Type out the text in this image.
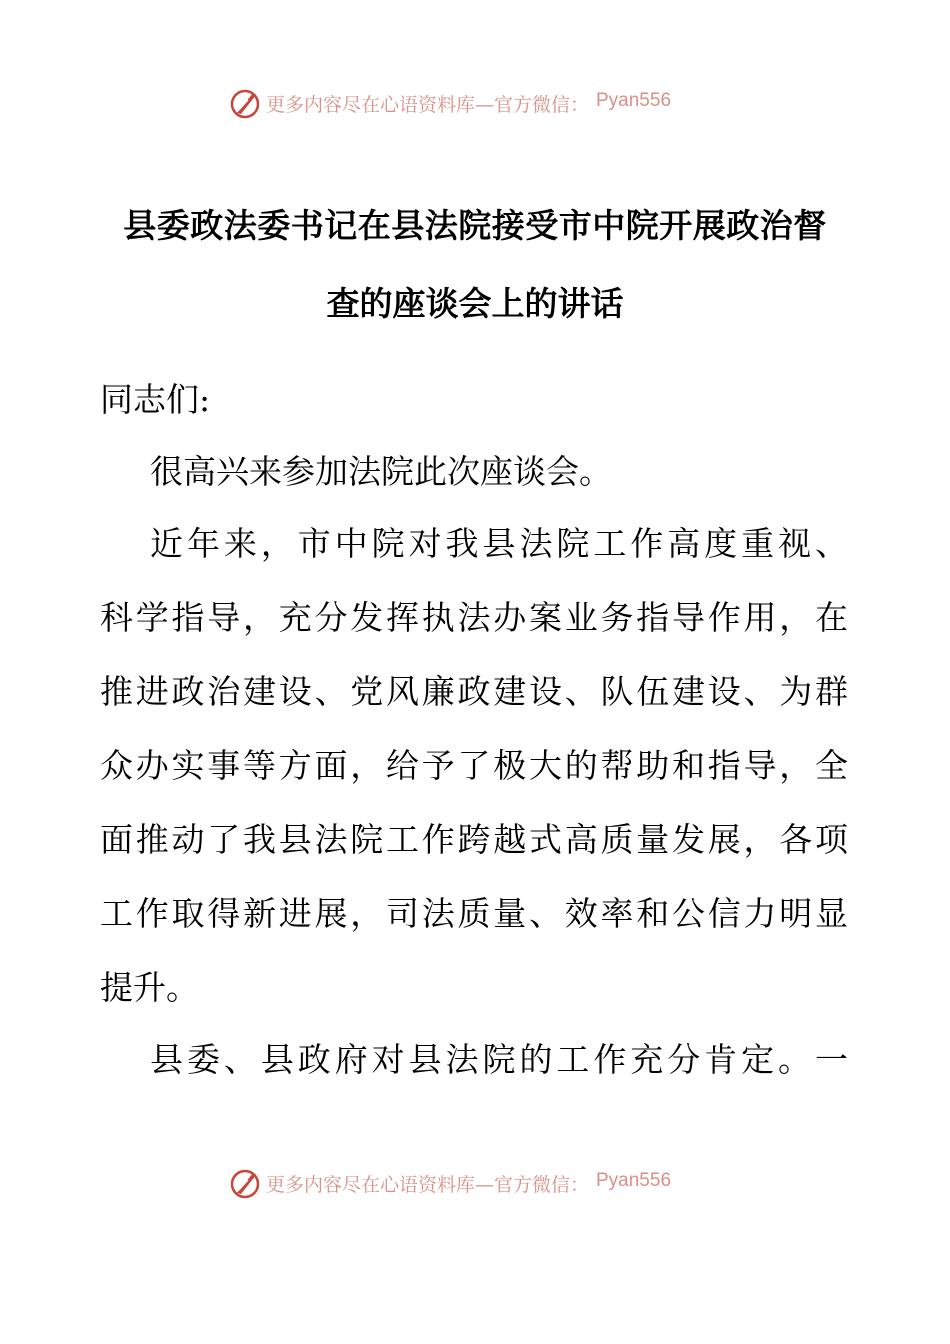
更多内容尽在心语资料库—官方微信： Pyan556
县委政法委书记在县法院接受市中院开展政治督
查的座谈会上的讲话
同志们:
很高兴来参加法院此次座谈会。
近年来，市中院对我县法院工作高度重视、
科学指导，充分发挥执法办案业务指导作用，在
推进政治建设、党风廉政建设、队伍建设、为群
众办实事等方面，给予了极大的帮助和指导，全
面推动了我县法院工作跨越式高质量发展，各项
工作取得新进展，司法质量、效率和公信力明显
提升。
县委、县政府对县法院的工作充分肯定。一
更多内容尽在心语资料库—官方微信： Pyan556
